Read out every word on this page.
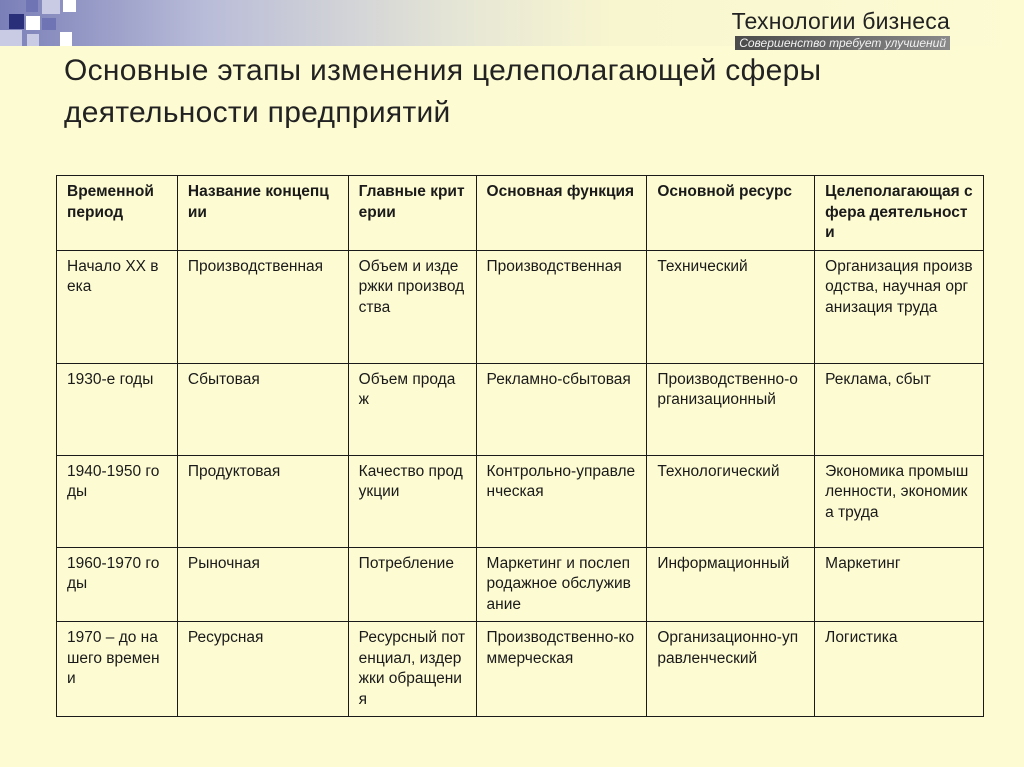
Технологии бизнеса
Совершенство требует улучшений
Основные этапы изменения целеполагающей сферы деятельности предприятий
Временной период	Название концепции	Главные критерии	Основная функция	Основной ресурс	Целеполагающая сфера деятельности
Начало XX века	Производственная	Объем и издержки производства	Производственная	Технический	Организация производства, научная организация труда
1930-е годы	Сбытовая	Объем продаж	Рекламно-сбытовая	Производственно-организационный	Реклама, сбыт
1940-1950 годы	Продуктовая	Качество продукции	Контрольно-управленческая	Технологический	Экономика промышленности, экономика труда
1960-1970 годы	Рыночная	Потребление	Маркетинг и послепродажное обслуживание	Информационный	Маркетинг
1970 – до нашего времени	Ресурсная	Ресурсный потенциал, издержки обращения	Производственно-коммерческая	Организационно-управленческий	Логистика
